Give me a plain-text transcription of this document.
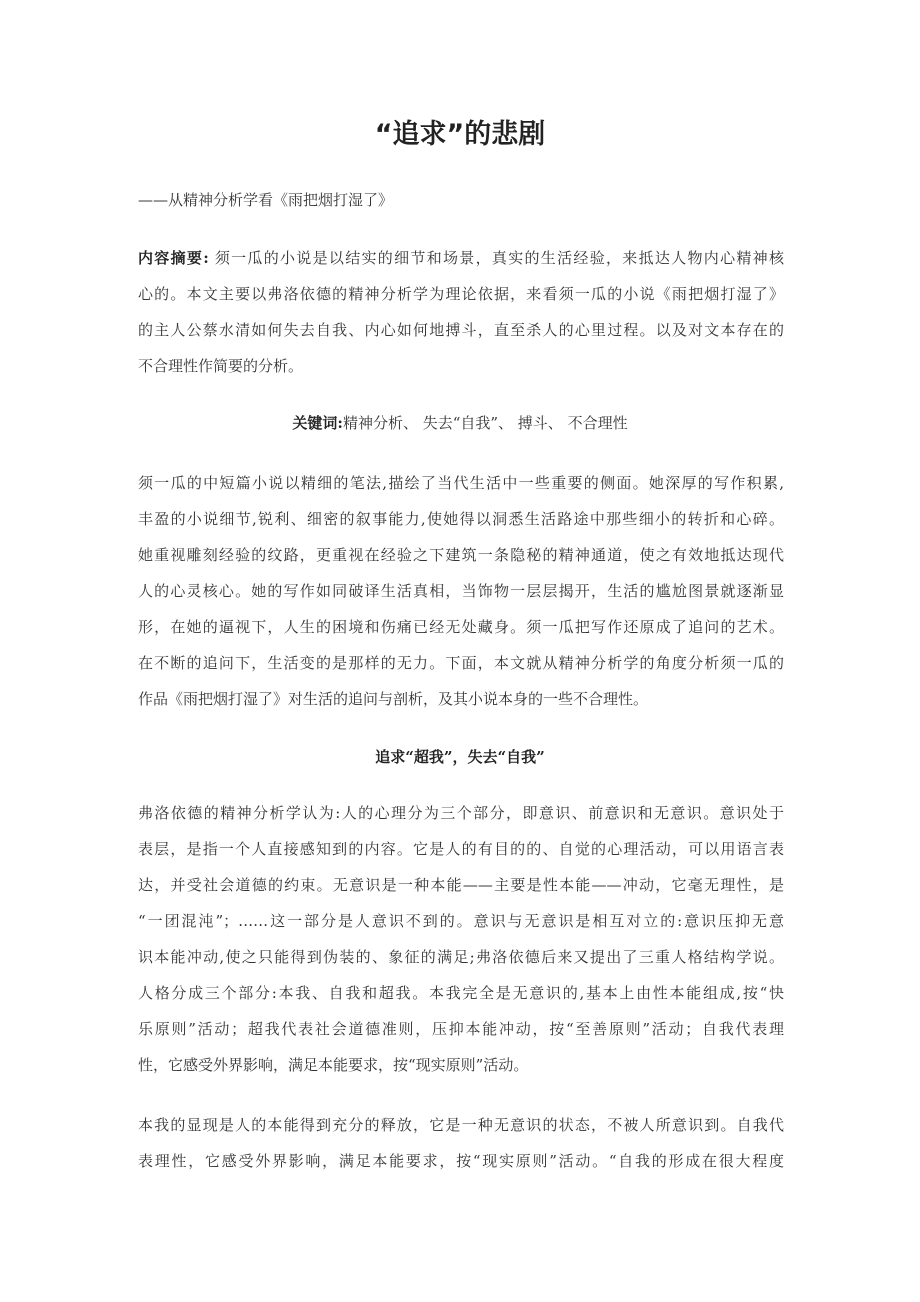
“追求”的悲剧
——从精神分析学看《雨把烟打湿了》
内容摘要: 须一瓜的小说是以结实的细节和场景，真实的生活经验，来抵达人物内心精神核
心的。本文主要以弗洛依德的精神分析学为理论依据，来看须一瓜的小说《雨把烟打湿了》
的主人公蔡水清如何失去自我、内心如何地搏斗，直至杀人的心里过程。以及对文本存在的
不合理性作简要的分析。
关键词:精神分析、 失去“自我”、 搏斗、 不合理性
须一瓜的中短篇小说以精细的笔法,描绘了当代生活中一些重要的侧面。她深厚的写作积累,
丰盈的小说细节,锐利、细密的叙事能力,使她得以洞悉生活路途中那些细小的转折和心碎。
她重视雕刻经验的纹路，更重视在经验之下建筑一条隐秘的精神通道，使之有效地抵达现代
人的心灵核心。她的写作如同破译生活真相，当饰物一层层揭开，生活的尴尬图景就逐渐显
形，在她的逼视下，人生的困境和伤痛已经无处藏身。须一瓜把写作还原成了追问的艺术。
在不断的追问下，生活变的是那样的无力。下面，本文就从精神分析学的角度分析须一瓜的
作品《雨把烟打湿了》对生活的追问与剖析，及其小说本身的一些不合理性。
追求“超我”，失去“自我”
弗洛依德的精神分析学认为:人的心理分为三个部分，即意识、前意识和无意识。意识处于
表层，是指一个人直接感知到的内容。它是人的有目的的、自觉的心理活动，可以用语言表
达，并受社会道德的约束。无意识是一种本能——主要是性本能——冲动，它毫无理性，是
“一团混沌”；……这一部分是人意识不到的。意识与无意识是相互对立的:意识压抑无意
识本能冲动,使之只能得到伪装的、象征的满足;弗洛依德后来又提出了三重人格结构学说。
人格分成三个部分:本我、自我和超我。本我完全是无意识的,基本上由性本能组成,按“快
乐原则”活动；超我代表社会道德准则，压抑本能冲动，按“至善原则”活动；自我代表理
性，它感受外界影响，满足本能要求，按“现实原则”活动。
本我的显现是人的本能得到充分的释放，它是一种无意识的状态，不被人所意识到。自我代
表理性，它感受外界影响，满足本能要求，按“现实原则”活动。“自我的形成在很大程度
